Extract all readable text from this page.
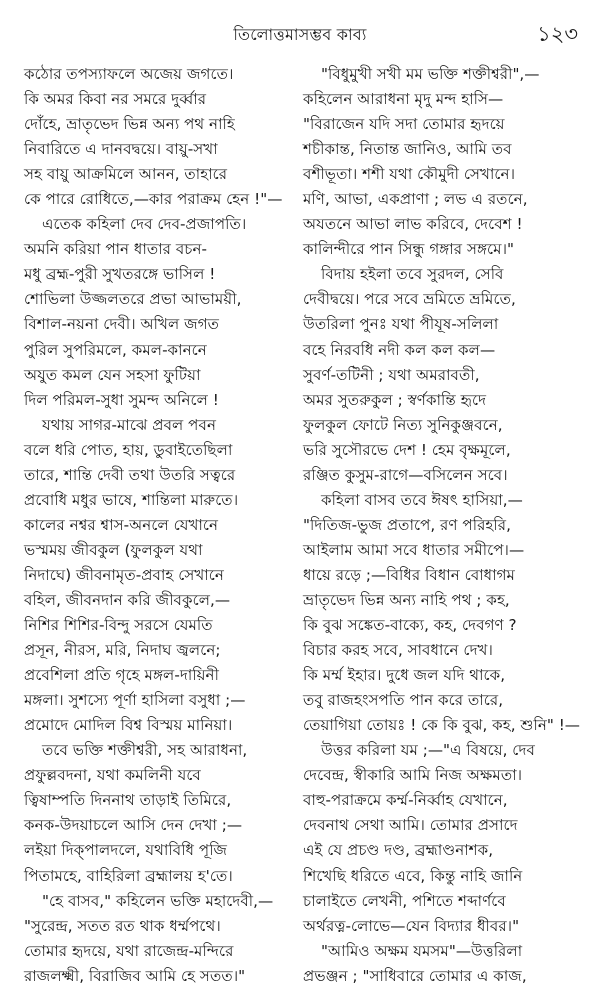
তিলোত্তমাসম্ভব কাব্য	১২৩
কঠোর তপস্যাফলে অজেয় জগতে।
কি অমর কিবা নর সমরে দুর্ব্বার
দোঁহে, ভ্রাতৃভেদ ভিন্ন অন্য পথ নাহি
নিবারিতে এ দানবদ্বয়ে। বায়ু-সখা
সহ বায়ু আক্রমিলে আনন, তাহারে
কে পারে রোধিতে,—কার পরাক্রম হেন !"—
এতেক কহিলা দেব দেব-প্রজাপতি।
অমনি করিয়া পান ধাতার বচন-
মধু ব্রহ্ম-পুরী সুখতরঙ্গে ভাসিল !
শোভিলা উজ্জলতরে প্রভা আভাময়ী,
বিশাল-নয়না দেবী। অখিল জগত
পুরিল সুপরিমলে, কমল-কাননে
অযুত কমল যেন সহসা ফুটিয়া
দিল পরিমল-সুধা সুমন্দ অনিলে !
যথায় সাগর-মাঝে প্রবল পবন
বলে ধরি পোত, হায়, ডুবাইতেছিলা
তারে, শান্তি দেবী তথা উতরি সত্বরে
প্রবোধি মধুর ভাষে, শান্তিলা মারুতে।
কালের নশ্বর শ্বাস-অনলে যেখানে
ভস্মময় জীবকুল (ফুলকুল যথা
নিদাঘে) জীবনামৃত-প্রবাহ সেখানে
বহিল, জীবনদান করি জীবকুলে,—
নিশির শিশির-বিন্দু সরসে যেমতি
প্রসূন, নীরস, মরি, নিদাঘ জ্বলনে;
প্রবেশিলা প্রতি গৃহে মঙ্গল-দায়িনী
মঙ্গলা। সুশস্যে পূর্ণা হাসিলা বসুধা ;—
প্রমোদে মোদিল বিশ্ব বিস্ময় মানিয়া।
তবে ভক্তি শক্তীশ্বরী, সহ আরাধনা,
প্রফুল্লবদনা, যথা কমলিনী যবে
ত্বিষাম্পতি দিননাথ তাড়াই তিমিরে,
কনক-উদয়াচলে আসি দেন দেখা ;—
লইয়া দিক্‌পালদলে, যথাবিধি পূজি
পিতামহে, বাহিরিলা ব্রহ্মালয় হ'তে।
"হে বাসব," কহিলেন ভক্তি মহাদেবী,—
"সুরেন্দ্র, সতত রত থাক ধর্ম্মপথে।
তোমার হৃদয়ে, যথা রাজেন্দ্র-মন্দিরে
রাজলক্ষ্মী, বিরাজিব আমি হে সতত।"
"বিধুমুখী সখী মম ভক্তি শক্তীশ্বরী",—
কহিলেন আরাধনা মৃদু মন্দ হাসি—
"বিরাজেন যদি সদা তোমার হৃদয়ে
শচীকান্ত, নিতান্ত জানিও, আমি তব
বশীভূতা। শশী যথা কৌমুদী সেখানে।
মণি, আভা, একপ্রাণা ; লভ এ রতনে,
অযতনে আভা লাভ করিবে, দেবেশ !
কালিন্দীরে পান সিন্ধু গঙ্গার সঙ্গমে।"
বিদায় হইলা তবে সুরদল, সেবি
দেবীদ্বয়ে। পরে সবে ভ্রমিতে ভ্রমিতে,
উতরিলা পুনঃ যথা পীযূষ-সলিলা
বহে নিরবধি নদী কল কল কল—
সুবর্ণ-তটিনী ; যথা অমরাবতী,
অমর সুতরুকুল ; স্বর্ণকান্তি হৃদে
ফুলকুল ফোটে নিত্য সুনিকুঞ্জবনে,
ভরি সুসৌরভে দেশ ! হেম বৃক্ষমূলে,
রঞ্জিত কুসুম-রাগে—বসিলেন সবে।
কহিলা বাসব তবে ঈষৎ হাসিয়া,—
"দিতিজ-ভুজ প্রতাপে, রণ পরিহরি,
আইলাম আমা সবে ধাতার সমীপে।—
ধায়ে রড়ে ;—বিধির বিধান বোধাগম
ভ্রাতৃভেদ ভিন্ন অন্য নাহি পথ ; কহ,
কি বুঝ সঙ্কেত-বাক্যে, কহ, দেবগণ ?
বিচার করহ সবে, সাবধানে দেখ।
কি মর্ম্ম ইহার। দুধে জল যদি থাকে,
তবু রাজহংসপতি পান করে তারে,
তেয়াগিয়া তোয়ঃ ! কে কি বুঝ, কহ, শুনি" !—
উত্তর করিলা যম ;—"এ বিষয়ে, দেব
দেবেন্দ্র, স্বীকারি আমি নিজ অক্ষমতা।
বাহু-পরাক্রমে কর্ম্ম-নির্ব্বাহ যেখানে,
দেবনাথ সেথা আমি। তোমার প্রসাদে
এই যে প্রচণ্ড দণ্ড, ব্রহ্মাণ্ডনাশক,
শিখেছি ধরিতে এবে, কিন্তু নাহি জানি
চালাইতে লেখনী, পশিতে শব্দার্ণবে
অর্থরত্ন-লোভে—যেন বিদ্যার ধীবর।"
"আমিও অক্ষম যমসম"—উত্তরিলা
প্রভঞ্জন ; "সাধিবারে তোমার এ কাজ,
